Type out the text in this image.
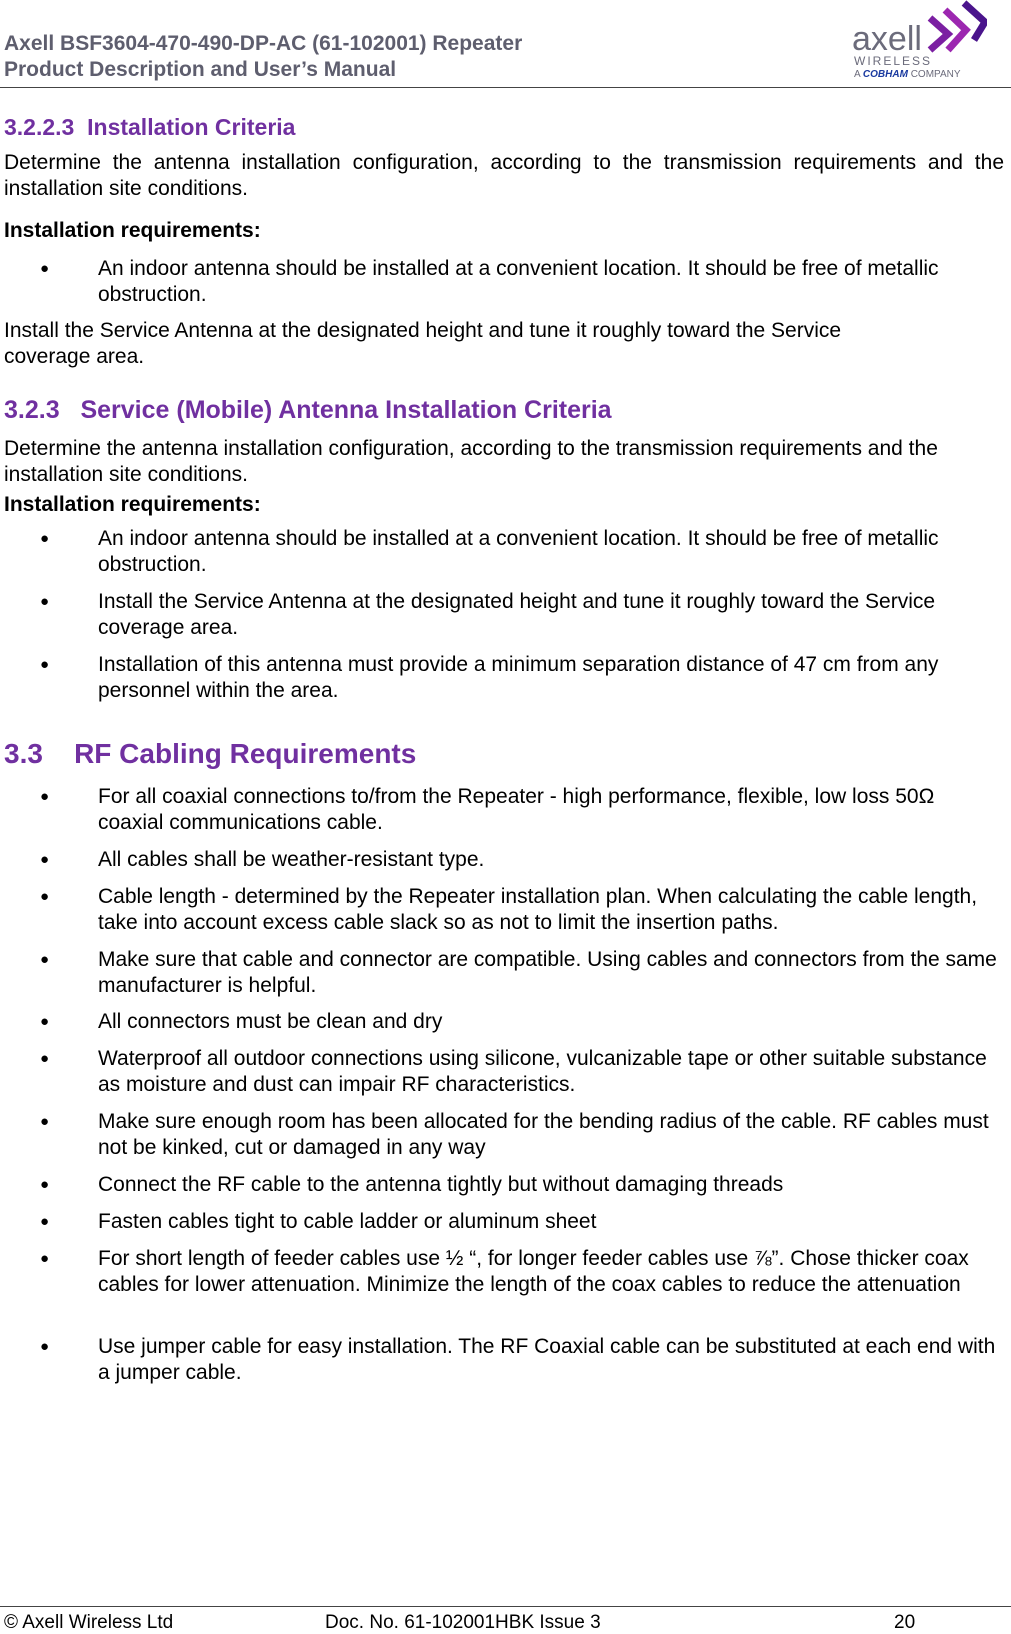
Axell BSF3604-470-490-DP-AC (61-102001) Repeater
Product Description and User’s Manual
axell
WIRELESS
A COBHAM COMPANY
3.2.2.3 Installation Criteria

Determine the antenna installation configuration, according to the transmission requirements and the installation site conditions.

Installation requirements:

● An indoor antenna should be installed at a convenient location. It should be free of metallic obstruction.

Install the Service Antenna at the designated height and tune it roughly toward the Service coverage area.

3.2.3 Service (Mobile) Antenna Installation Criteria

Determine the antenna installation configuration, according to the transmission requirements and the installation site conditions.

Installation requirements:

● An indoor antenna should be installed at a convenient location. It should be free of metallic obstruction.
● Install the Service Antenna at the designated height and tune it roughly toward the Service coverage area.
● Installation of this antenna must provide a minimum separation distance of 47 cm from any personnel within the area.
3.3 RF Cabling Requirements
● For all coaxial connections to/from the Repeater - high performance, flexible, low loss 50Ω coaxial communications cable.
● All cables shall be weather-resistant type.
● Cable length - determined by the Repeater installation plan. When calculating the cable length, take into account excess cable slack so as not to limit the insertion paths.
● Make sure that cable and connector are compatible. Using cables and connectors from the same manufacturer is helpful.
● All connectors must be clean and dry
● Waterproof all outdoor connections using silicone, vulcanizable tape or other suitable substance as moisture and dust can impair RF characteristics.
● Make sure enough room has been allocated for the bending radius of the cable. RF cables must not be kinked, cut or damaged in any way
● Connect the RF cable to the antenna tightly but without damaging threads
● Fasten cables tight to cable ladder or aluminum sheet
● For short length of feeder cables use ½ “, for longer feeder cables use ⅞”. Chose thicker coax cables for lower attenuation. Minimize the length of the coax cables to reduce the attenuation
● Use jumper cable for easy installation. The RF Coaxial cable can be substituted at each end with a jumper cable.
© Axell Wireless Ltd	Doc. No. 61-102001HBK Issue 3	20
